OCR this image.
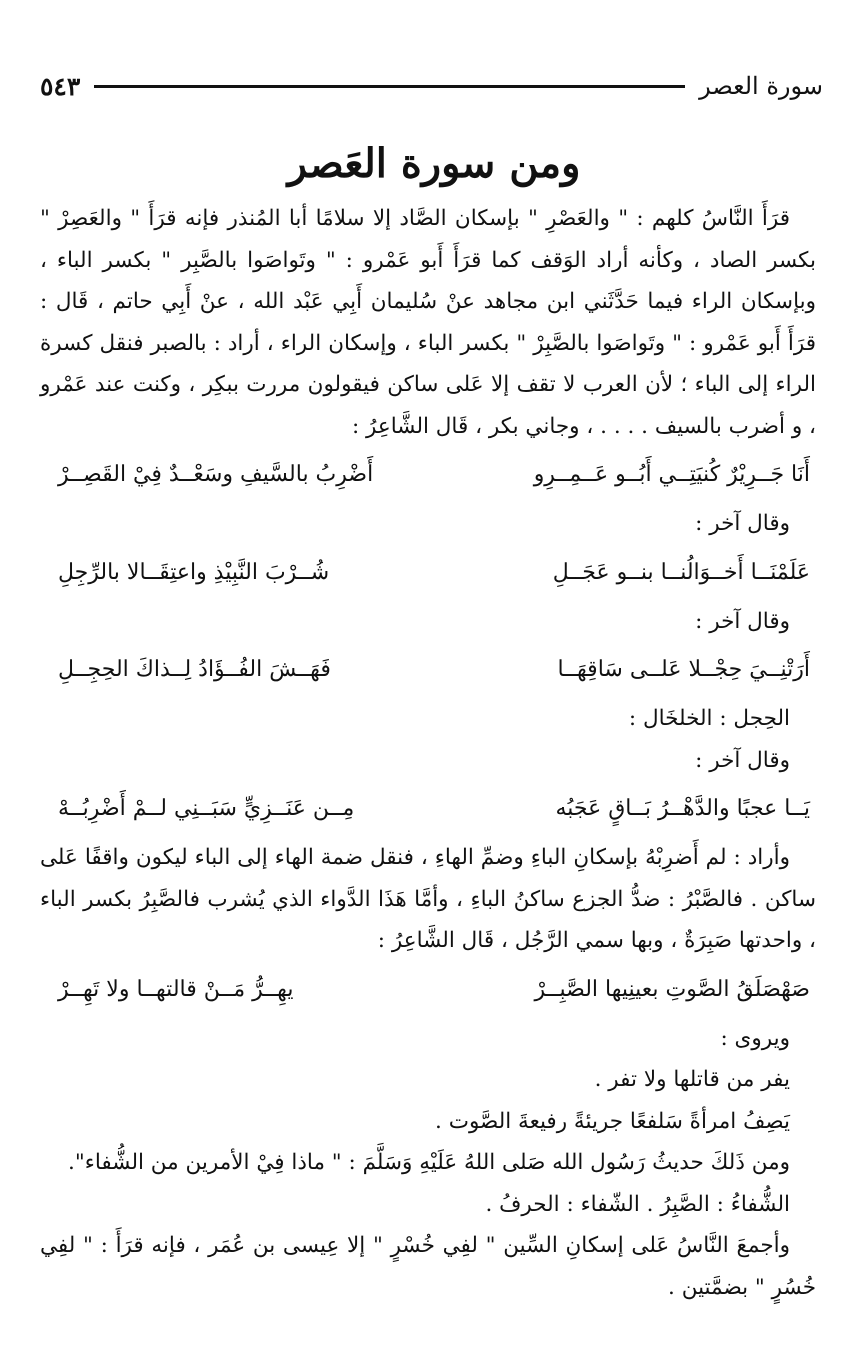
سورة العصر
٥٤٣
ومن سورة العَصر

قرَأَ النَّاسُ كلهم : " والعَصْرِ " بإسكان الصَّاد إلا سلامًا أبا المُنذر فإنه قرَأَ " والعَصِرْ " بكسر الصاد ، وكأنه أراد الوَقف كما قرَأَ أَبو عَمْرو : " وتَواصَوا بالصَّبِر " بكسر الباء ، وبإسكان الراء فيما حَدَّثَني ابن مجاهد عنْ سُليمان أَبِي عَبْد الله ، عنْ أَبِي حاتم ، قَال : قرَأَ أَبو عَمْرو : " وتَواصَوا بالصَّبِرْ " بكسر الباء ، وإسكان الراء ، أراد : بالصبر فنقل كسرة الراء إلى الباء ؛ لأن العرب لا تقف إلا عَلى ساكن فيقولون مررت ببكِر ، وكنت عند عَمْرو ، و أضرب بالسيف . . . . ، وجاني بكر ، قَال الشَّاعِرُ :

أَنَا جَــرِيْرٌ كُنيَتِــي أَبُــو عَــمِــرِو
أَضْرِبُ بالسَّيفِ وسَعْــدٌ فِيْ القَصِــرْ

وقال آخر :

عَلَمْنَــا أَخــوَالُنــا بنــو عَجَــلِ
شُــرْبَ النَّبِيْذِ واعتِقَــالا بالرِّجِلِ

وقال آخر :

أَرَتْنِــيَ حِجْــلا عَلــى سَاقِهَــا
فَهَــشَ الفُــؤَادُ لِــذاكَ الحِجِــلِ

الحِجل : الخلخَال :

وقال آخر :

يَــا عجبًا والدَّهْــرُ بَــاقٍ عَجَبُه
مِــن عَنَــزِيٍّ سَبَــنِي لــمْ أَضْرِبُــهْ

وأراد : لم أَضرِبْهُ بإسكانِ الباءِ وضمِّ الهاءِ ، فنقل ضمة الهاء إلى الباء ليكون واقفًا عَلى ساكن . فالصَّبْرُ : ضدُّ الجزع ساكنُ الباءِ ، وأمَّا هَذَا الدَّواء الذي يُشرب فالصَّبِرُ بكسر الباء ، واحدتها صَبِرَةٌ ، وبها سمي الرَّجُل ، قَال الشَّاعِرُ :

صَهْصَلَقُ الصَّوتِ بعينِيها الصَّبِــرْ
يهِــرُّ مَــنْ قالتهــا ولا تَهِــرْ

ويروى :

يفر من قاتلها ولا تفر .

يَصِفُ امرأةً سَلفعًا جريئةً رفيعةَ الصَّوت .

ومن ذَلكَ حديثُ رَسُول الله صَلى اللهُ عَلَيْهِ وَسَلَّمَ : " ماذا فِيْ الأمرين من الشُّفاء".

الشُّفاءُ : الصَّبِرُ . الشّفاء : الحرفُ .

وأجمعَ النَّاسُ عَلى إسكانِ السِّين " لفِي خُسْرٍ " إلا عِيسى بن عُمَر ، فإنه قرَأَ : " لفِي خُسُرٍ " بضمَّتين .
